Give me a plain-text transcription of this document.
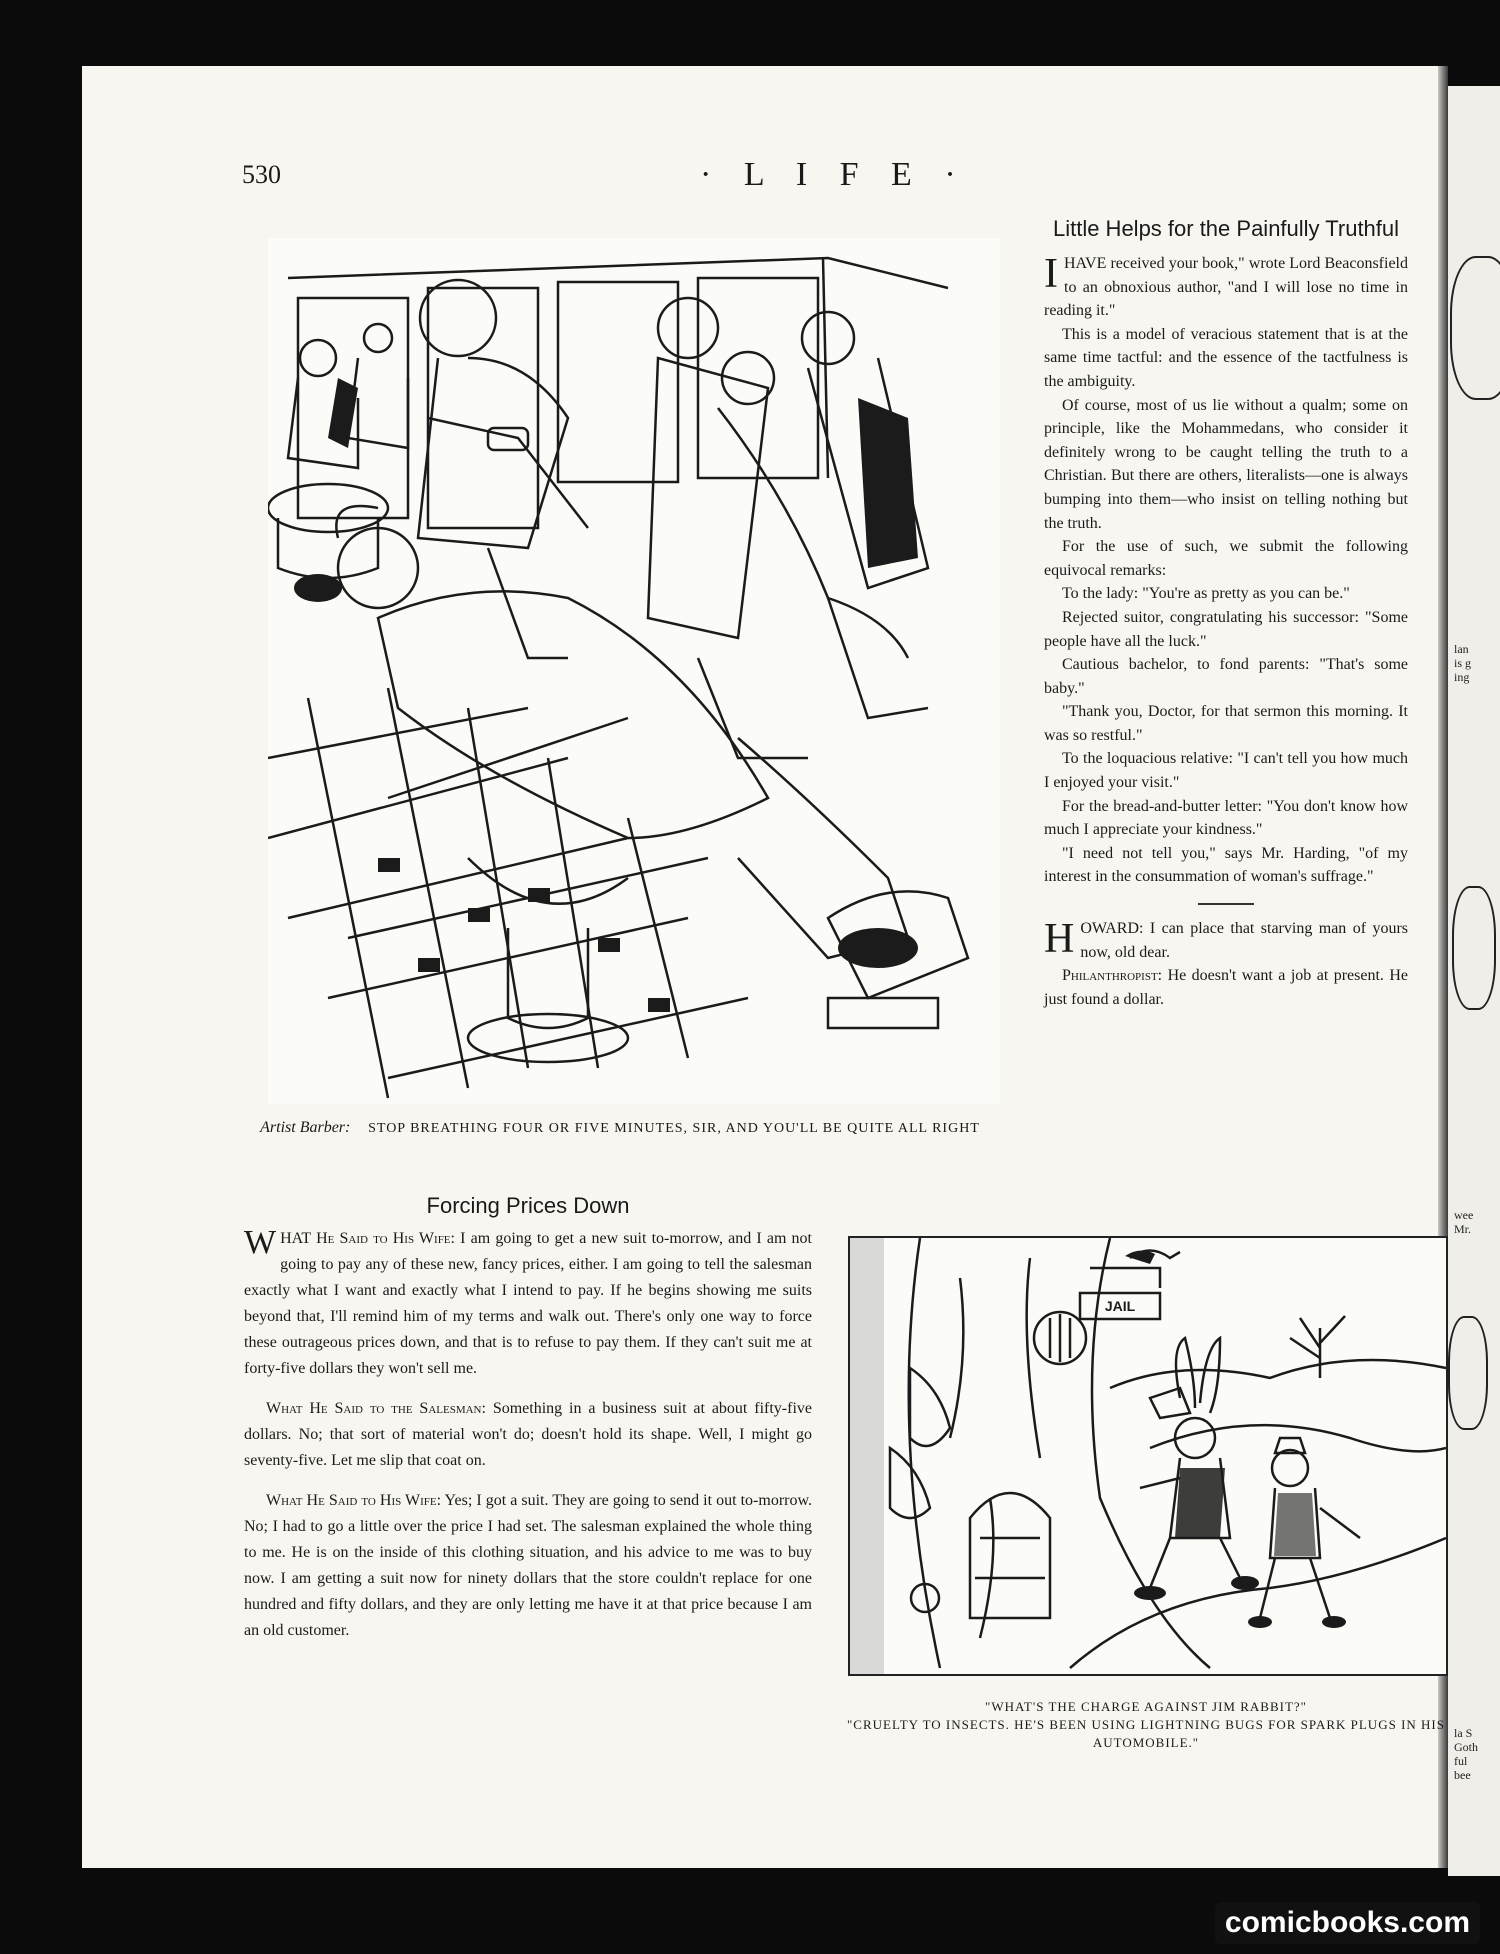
lan
is g
ing
wee
Mr.
la S
Goth
ful
bee
530	· L I F E ·
Artist Barber: STOP BREATHING FOUR OR FIVE MINUTES, SIR, AND YOU'LL BE QUITE ALL RIGHT
Little Helps for the Painfully Truthful

IHAVE received your book," wrote Lord Beaconsfield to an obnoxious author, "and I will lose no time in reading it."

This is a model of veracious statement that is at the same time tactful: and the essence of the tactfulness is the ambiguity.

Of course, most of us lie without a qualm; some on principle, like the Mohammedans, who consider it definitely wrong to be caught telling the truth to a Christian. But there are others, literalists—one is always bumping into them—who insist on telling nothing but the truth.

For the use of such, we submit the following equivocal remarks:

To the lady: "You're as pretty as you can be."

Rejected suitor, congratulating his successor: "Some people have all the luck."

Cautious bachelor, to fond parents: "That's some baby."

"Thank you, Doctor, for that sermon this morning. It was so restful."

To the loquacious relative: "I can't tell you how much I enjoyed your visit."

For the bread-and-butter letter: "You don't know how much I appreciate your kindness."

"I need not tell you," says Mr. Harding, "of my interest in the consummation of woman's suffrage."

HOWARD: I can place that starving man of yours now, old dear.

Philanthropist: He doesn't want a job at present. He just found a dollar.

Forcing Prices Down

WHAT He Said to His Wife: I am going to get a new suit to-morrow, and I am not going to pay any of these new, fancy prices, either. I am going to tell the salesman exactly what I want and exactly what I intend to pay. If he begins showing me suits beyond that, I'll remind him of my terms and walk out. There's only one way to force these outrageous prices down, and that is to refuse to pay them. If they can't suit me at forty-five dollars they won't sell me.

What He Said to the Salesman: Something in a business suit at about fifty-five dollars. No; that sort of material won't do; doesn't hold its shape. Well, I might go seventy-five. Let me slip that coat on.

What He Said to His Wife: Yes; I got a suit. They are going to send it out to-morrow. No; I had to go a little over the price I had set. The salesman explained the whole thing to me. He is on the inside of this clothing situation, and his advice to me was to buy now. I am getting a suit now for ninety dollars that the store couldn't replace for one hundred and fifty dollars, and they are only letting me have it at that price because I am an old customer.

JAIL
"WHAT'S THE CHARGE AGAINST JIM RABBIT?"
"CRUELTY TO INSECTS. HE'S BEEN USING LIGHTNING BUGS FOR SPARK PLUGS IN HIS AUTOMOBILE."
comicbooks.com
